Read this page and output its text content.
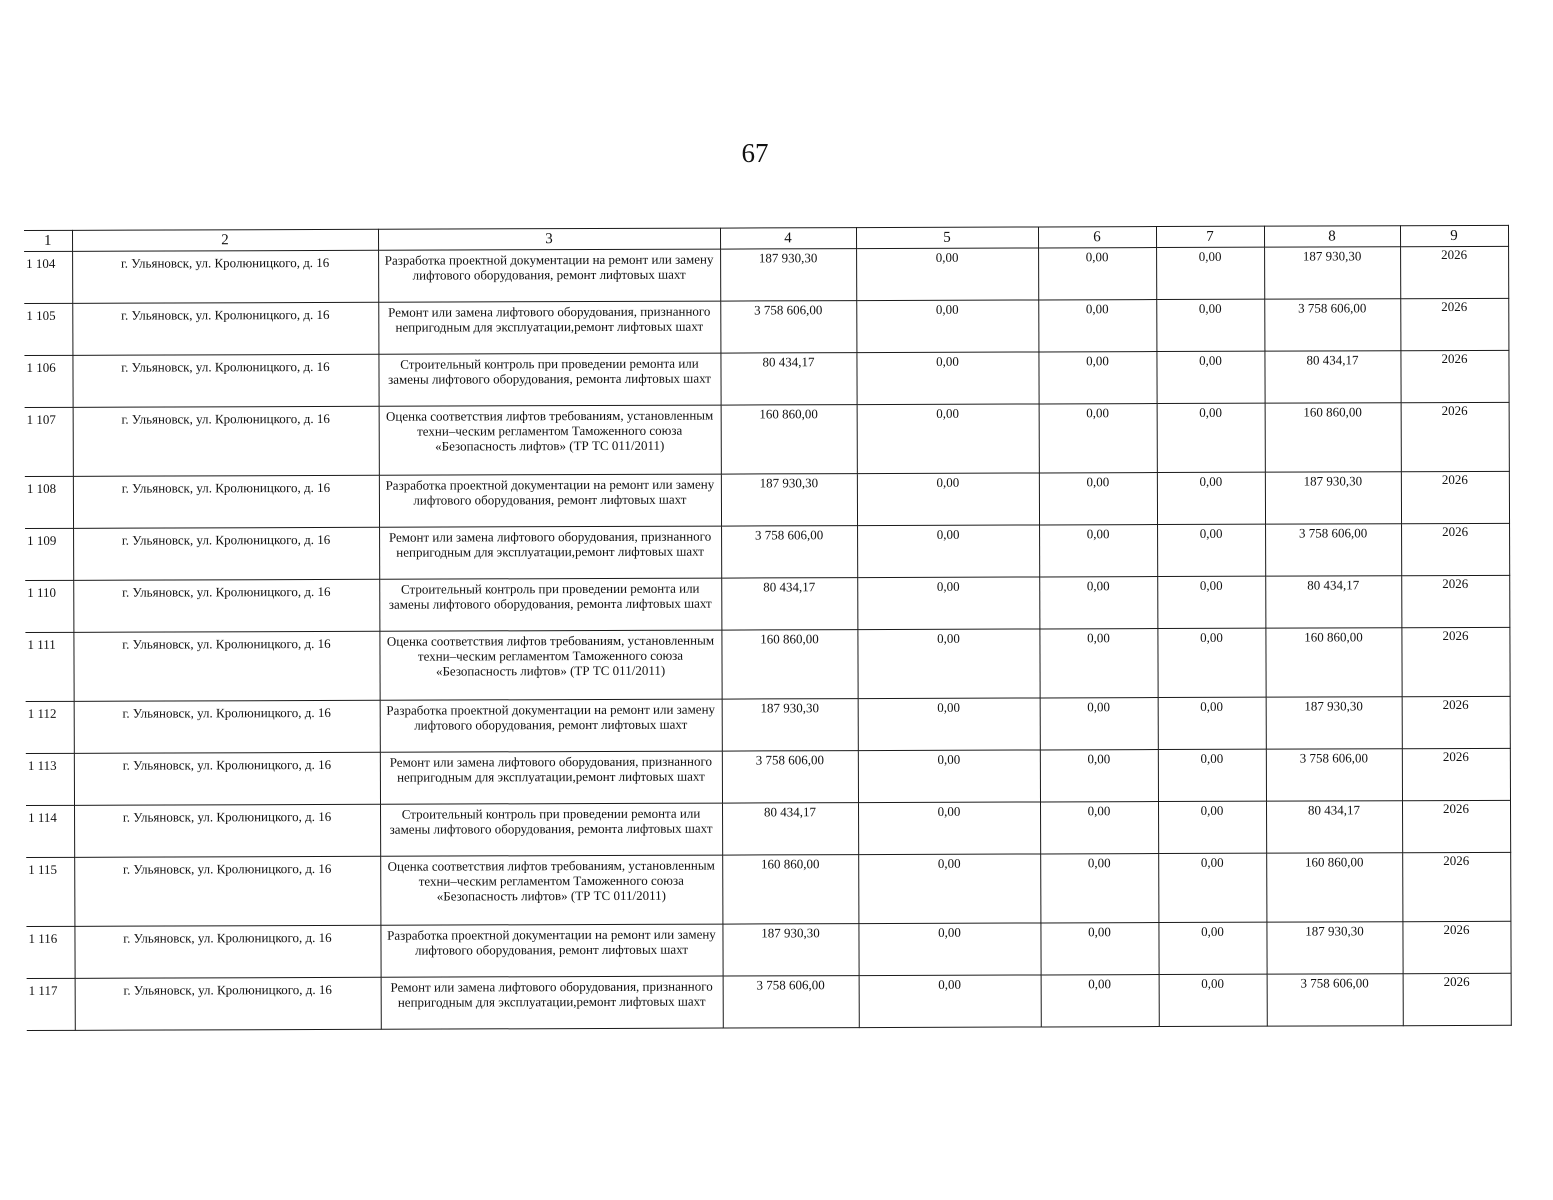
67
1	2	3	4	5	6	7	8	9
1 104	г. Ульяновск, ул. Кролюницкого, д. 16	Разработка проектной документации на ремонт или замену лифтового оборудования, ремонт лифтовых шахт	187 930,30	0,00	0,00	0,00	187 930,30	2026
1 105	г. Ульяновск, ул. Кролюницкого, д. 16	Ремонт или замена лифтового оборудования, признанного непригодным для эксплуатации,ремонт лифтовых шахт	3 758 606,00	0,00	0,00	0,00	3 758 606,00	2026
1 106	г. Ульяновск, ул. Кролюницкого, д. 16	Строительный контроль при проведении ремонта или замены лифтового оборудования, ремонта лифтовых шахт	80 434,17	0,00	0,00	0,00	80 434,17	2026
1 107	г. Ульяновск, ул. Кролюницкого, д. 16	Оценка соответствия лифтов требованиям, установленным техни–ческим регламентом Таможенного союза «Безопасность лифтов» (ТР ТС 011/2011)	160 860,00	0,00	0,00	0,00	160 860,00	2026
1 108	г. Ульяновск, ул. Кролюницкого, д. 16	Разработка проектной документации на ремонт или замену лифтового оборудования, ремонт лифтовых шахт	187 930,30	0,00	0,00	0,00	187 930,30	2026
1 109	г. Ульяновск, ул. Кролюницкого, д. 16	Ремонт или замена лифтового оборудования, признанного непригодным для эксплуатации,ремонт лифтовых шахт	3 758 606,00	0,00	0,00	0,00	3 758 606,00	2026
1 110	г. Ульяновск, ул. Кролюницкого, д. 16	Строительный контроль при проведении ремонта или замены лифтового оборудования, ремонта лифтовых шахт	80 434,17	0,00	0,00	0,00	80 434,17	2026
1 111	г. Ульяновск, ул. Кролюницкого, д. 16	Оценка соответствия лифтов требованиям, установленным техни–ческим регламентом Таможенного союза «Безопасность лифтов» (ТР ТС 011/2011)	160 860,00	0,00	0,00	0,00	160 860,00	2026
1 112	г. Ульяновск, ул. Кролюницкого, д. 16	Разработка проектной документации на ремонт или замену лифтового оборудования, ремонт лифтовых шахт	187 930,30	0,00	0,00	0,00	187 930,30	2026
1 113	г. Ульяновск, ул. Кролюницкого, д. 16	Ремонт или замена лифтового оборудования, признанного непригодным для эксплуатации,ремонт лифтовых шахт	3 758 606,00	0,00	0,00	0,00	3 758 606,00	2026
1 114	г. Ульяновск, ул. Кролюницкого, д. 16	Строительный контроль при проведении ремонта или замены лифтового оборудования, ремонта лифтовых шахт	80 434,17	0,00	0,00	0,00	80 434,17	2026
1 115	г. Ульяновск, ул. Кролюницкого, д. 16	Оценка соответствия лифтов требованиям, установленным техни–ческим регламентом Таможенного союза «Безопасность лифтов» (ТР ТС 011/2011)	160 860,00	0,00	0,00	0,00	160 860,00	2026
1 116	г. Ульяновск, ул. Кролюницкого, д. 16	Разработка проектной документации на ремонт или замену лифтового оборудования, ремонт лифтовых шахт	187 930,30	0,00	0,00	0,00	187 930,30	2026
1 117	г. Ульяновск, ул. Кролюницкого, д. 16	Ремонт или замена лифтового оборудования, признанного непригодным для эксплуатации,ремонт лифтовых шахт	3 758 606,00	0,00	0,00	0,00	3 758 606,00	2026
